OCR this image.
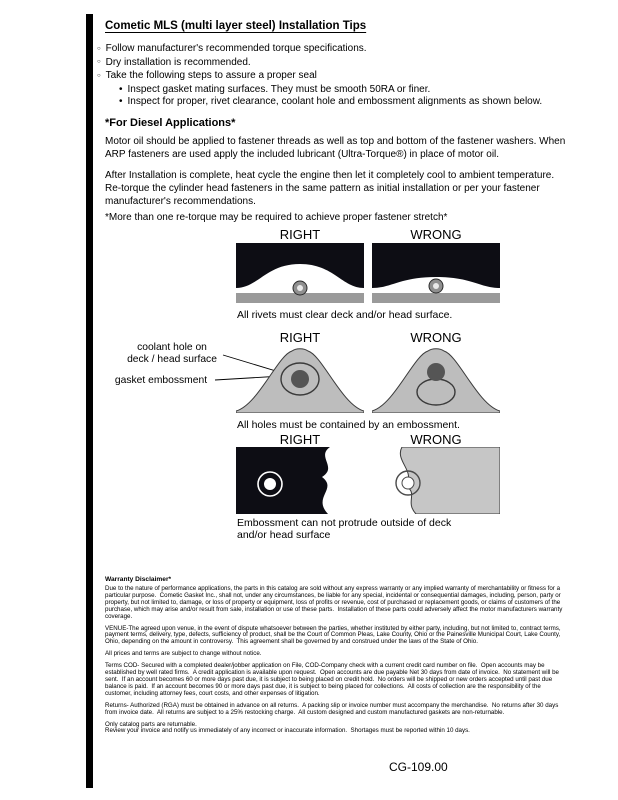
Cometic MLS (multi layer steel) Installation Tips
○ Follow manufacturer's recommended torque specifications.
○ Dry installation is recommended.
○ Take the following steps to assure a proper seal
• Inspect gasket mating surfaces. They must be smooth 50RA or finer.
• Inspect for proper, rivet clearance, coolant hole and embossment alignments as shown below.
*For Diesel Applications*
Motor oil should be applied to fastener threads as well as top and bottom of the fastener washers. When ARP fasteners are used apply the included lubricant (Ultra-Torque®) in place of motor oil.
After Installation is complete, heat cycle the engine then let it completely cool to ambient temperature. Re-torque the cylinder head fasteners in the same pattern as initial installation or per your fastener manufacturer's recommendations.
*More than one re-torque may be required to achieve proper fastener stretch*
RIGHT	WRONG
All rivets must clear deck and/or head surface.
RIGHT	WRONG
coolant hole on
deck / head surface
gasket embossment
All holes must be contained by an embossment.
RIGHT	WRONG
Embossment can not protrude outside of deck
and/or head surface
Warranty Disclaimer*
Due to the nature of performance applications, the parts in this catalog are sold without any express warranty or any implied warranty of merchantability or fitness for a particular purpose.  Cometic Gasket Inc., shall not, under any circumstances, be liable for any special, incidental or consequential damages, including, person, party or property, but not limited to, damage, or loss of property or equipment, loss of profits or revenue, cost of purchased or replacement goods, or claims of customers of the purchase, which may arise and/or result from sale, installation or use of these parts.  Installation of these parts could adversely affect the motor manufacturers warranty coverage.
VENUE-The agreed upon venue, in the event of dispute whatsoever between the parties, whether instituted by either party, including, but not limited to, contract terms, payment terms, delivery, type, defects, sufficiency of product, shall be the Court of Common Pleas, Lake County, Ohio or the Painesville Municipal Court, Lake County, Ohio, depending on the amount in controversy.  This agreement shall be governed by and construed under the laws of the State of Ohio.
All prices and terms are subject to change without notice.
Terms COD- Secured with a completed dealer/jobber application on File, COD-Company check with a current credit card number on file.  Open accounts may be established by well rated firms.  A credit application is available upon request.  Open accounts are due payable Net 30 days from date of invoice.  No statement will be sent.  If an account becomes 60 or more days past due, it is subject to being placed on credit hold.  No orders will be shipped or new orders accepted until past due balance is paid.  If an account becomes 90 or more days past due, it is subject to being placed for collections.  All costs of collection are the responsibility of the customer, including attorney fees, court costs, and other expenses of litigation.
Returns- Authorized (RGA) must be obtained in advance on all returns.  A packing slip or invoice number must accompany the merchandise.  No returns after 30 days from invoice date.  All returns are subject to a 25% restocking charge.  All custom designed and custom manufactured gaskets are non-returnable.
Only catalog parts are returnable.
Review your invoice and notify us immediately of any incorrect or inaccurate information.  Shortages must be reported within 10 days.
CG-109.00
